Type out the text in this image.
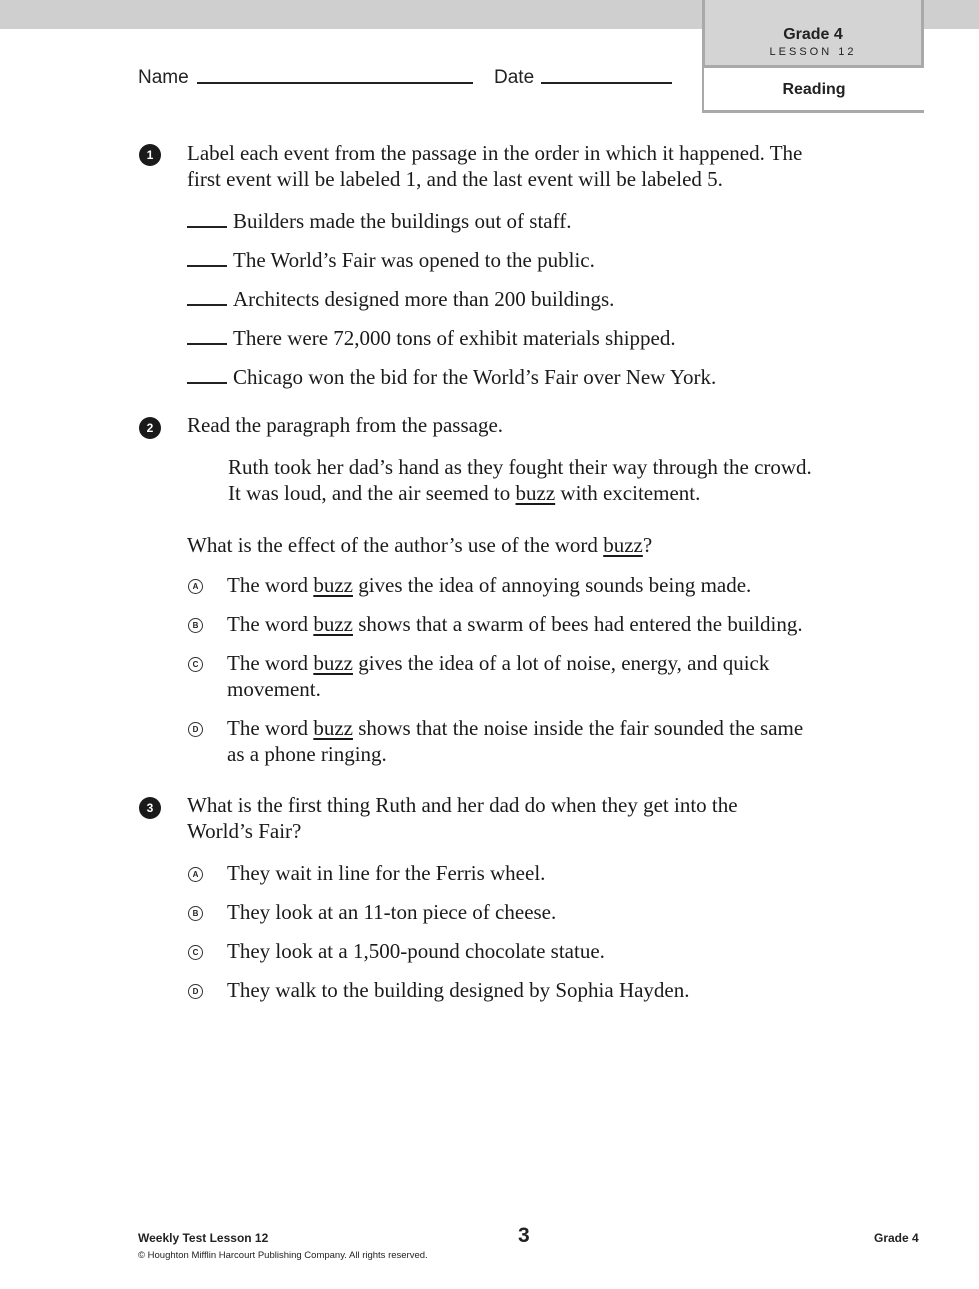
Grade 4
LESSON 12
Reading
Name	Date
1	Label each event from the passage in the order in which it happened. The
first event will be labeled 1, and the last event will be labeled 5.
Builders made the buildings out of staff.
The World’s Fair was opened to the public.
Architects designed more than 200 buildings.
There were 72,000 tons of exhibit materials shipped.
Chicago won the bid for the World’s Fair over New York.
2	Read the paragraph from the passage.
Ruth took her dad’s hand as they fought their way through the crowd.
It was loud, and the air seemed to buzz with excitement.
What is the effect of the author’s use of the word buzz?
A The word buzz gives the idea of annoying sounds being made.
B The word buzz shows that a swarm of bees had entered the building.
C The word buzz gives the idea of a lot of noise, energy, and quick
movement.
D The word buzz shows that the noise inside the fair sounded the same
as a phone ringing.
3	What is the first thing Ruth and her dad do when they get into the
World’s Fair?
A They wait in line for the Ferris wheel.
B They look at an 11-ton piece of cheese.
C They look at a 1,500-pound chocolate statue.
D They walk to the building designed by Sophia Hayden.
Weekly Test Lesson 12
© Houghton Mifflin Harcourt Publishing Company. All rights reserved.
3	Grade 4
